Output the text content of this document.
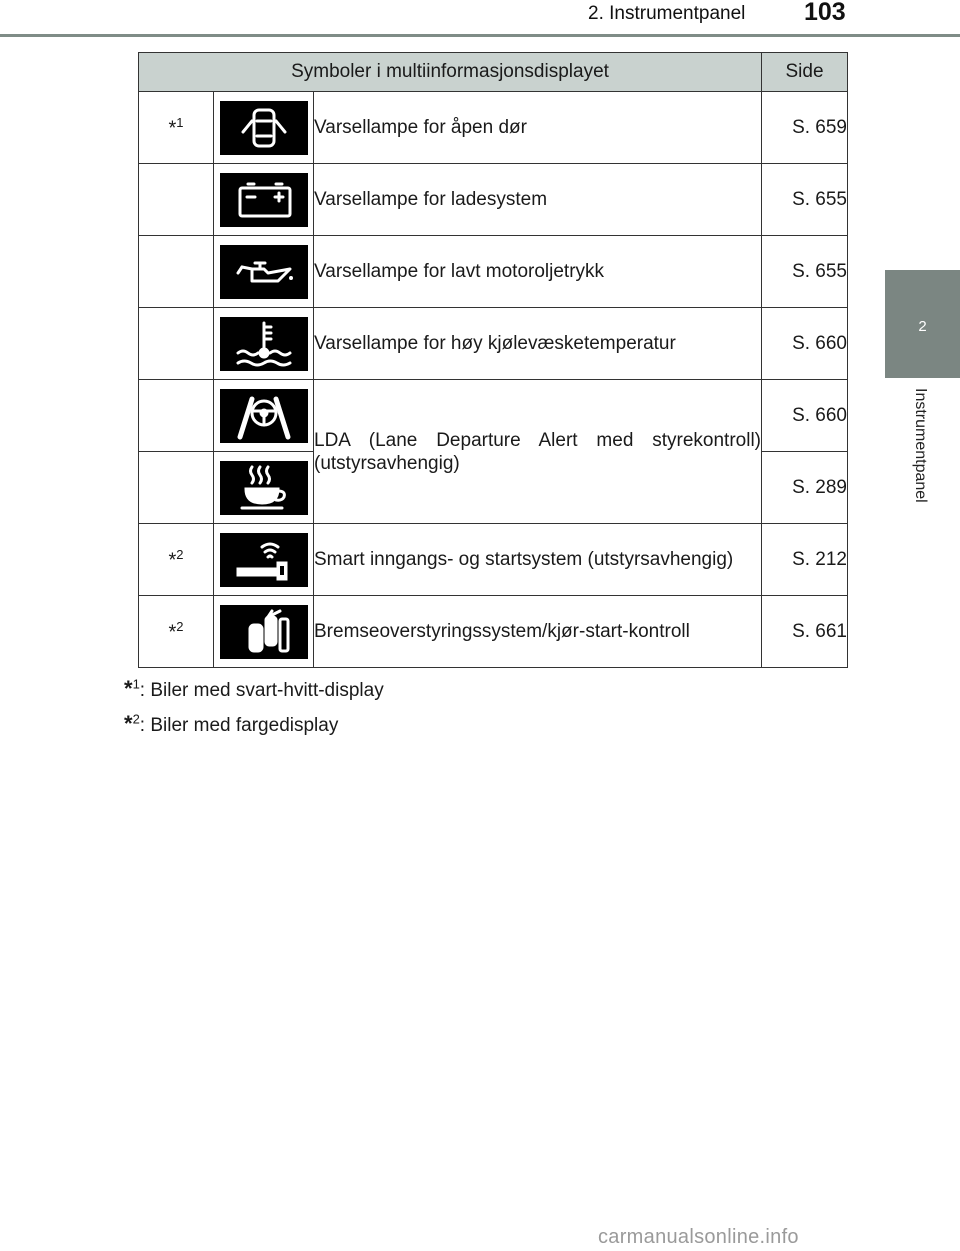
2. Instrumentpanel 103
2
Instrumentpanel
Symboler i multiinformasjonsdisplayet			Side
*$^1$		Varsellampe for åpen dør	S. 659

	Varsellampe for ladesystem	S. 655

	Varsellampe for lavt motoroljetrykk	S. 655

	Varsellampe for høy kjølevæsketemperatur	S. 660

	LDA (Lane Departure Alert med styrekontroll) (utstyrsavhengig)	S. 660

	S. 289
*$^2$		Smart inngangs- og startsystem (utstyrsavhengig)	S. 212
*$^2$		Bremseoverstyringssystem/kjør-start-kontroll	S. 661
*$^1$: Biler med svart-hvitt-display
*$^2$: Biler med fargedisplay
carmanualsonline.info
